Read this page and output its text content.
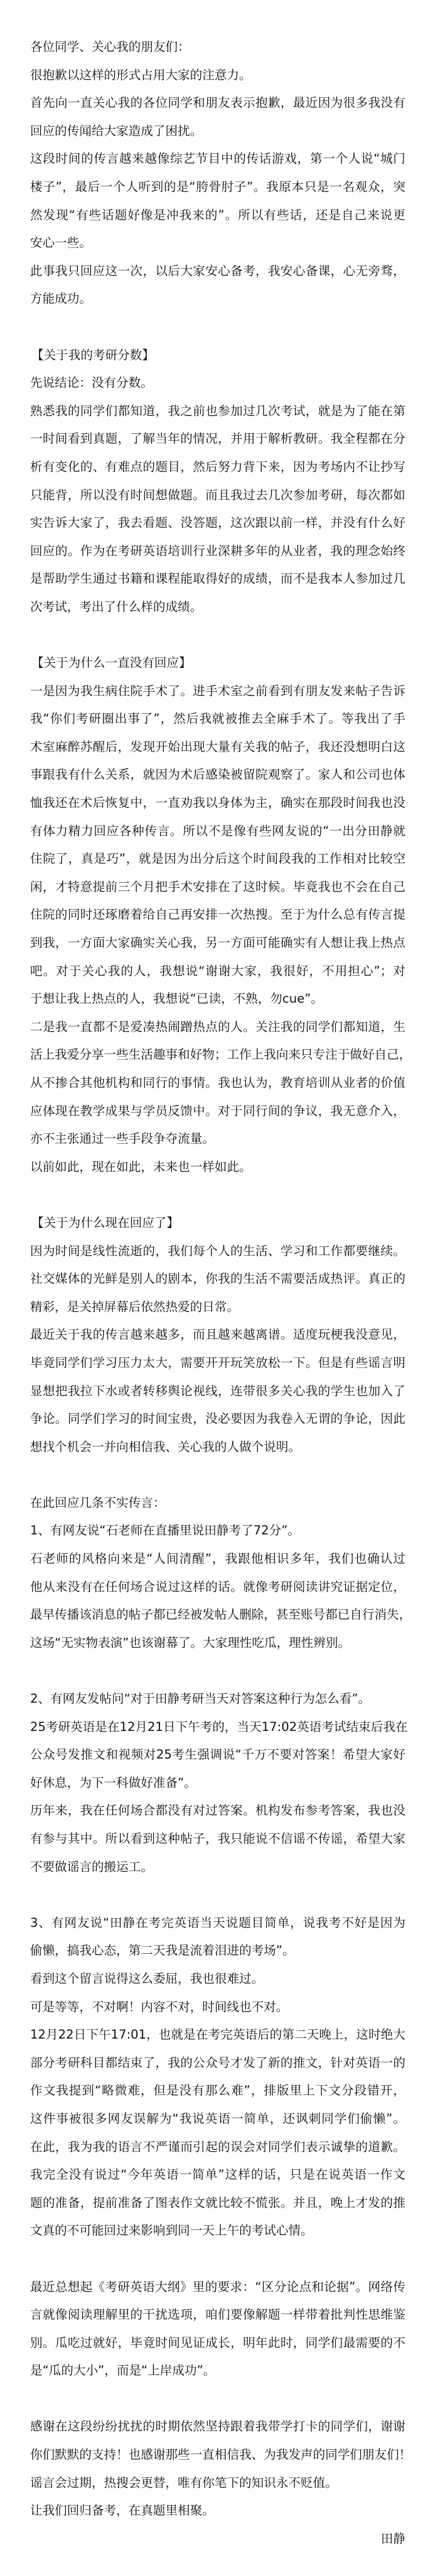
各位同学、关心我的朋友们：
很抱歉以这样的形式占用大家的注意力。
首先向一直关心我的各位同学和朋友表示抱歉，最近因为很多我没有
回应的传闻给大家造成了困扰。
这段时间的传言越来越像综艺节目中的传话游戏，第一个人说“城门
楼子”，最后一个人听到的是“胯骨肘子”。我原本只是一名观众，突
然发现“有些话题好像是冲我来的”。所以有些话，还是自己来说更
安心一些。
此事我只回应这一次，以后大家安心备考，我安心备课，心无旁骛，
方能成功。
【关于我的考研分数】
先说结论：没有分数。
熟悉我的同学们都知道，我之前也参加过几次考试，就是为了能在第
一时间看到真题，了解当年的情况，并用于解析教研。我全程都在分
析有变化的、有难点的题目，然后努力背下来，因为考场内不让抄写
只能背，所以没有时间想做题。而且我过去几次参加考研，每次都如
实告诉大家了，我去看题、没答题，这次跟以前一样，并没有什么好
回应的。作为在考研英语培训行业深耕多年的从业者，我的理念始终
是帮助学生通过书籍和课程能取得好的成绩，而不是我本人参加过几
次考试，考出了什么样的成绩。
【关于为什么一直没有回应】
一是因为我生病住院手术了。进手术室之前看到有朋友发来帖子告诉
我“你们考研圈出事了”，然后我就被推去全麻手术了。等我出了手
术室麻醉苏醒后，发现开始出现大量有关我的帖子，我还没想明白这
事跟我有什么关系，就因为术后感染被留院观察了。家人和公司也体
恤我还在术后恢复中，一直劝我以身体为主，确实在那段时间我也没
有体力精力回应各种传言。所以不是像有些网友说的“一出分田静就
住院了，真是巧”，就是因为出分后这个时间段我的工作相对比较空
闲，才特意提前三个月把手术安排在了这时候。毕竟我也不会在自己
住院的同时还琢磨着给自己再安排一次热搜。至于为什么总有传言提
到我，一方面大家确实关心我，另一方面可能确实有人想让我上热点
吧。对于关心我的人，我想说“谢谢大家，我很好，不用担心”；对
于想让我上热点的人，我想说“已读，不熟，勿cue”。
二是我一直都不是爱凑热闹蹭热点的人。关注我的同学们都知道，生
活上我爱分享一些生活趣事和好物；工作上我向来只专注于做好自己，
从不掺合其他机构和同行的事情。我也认为，教育培训从业者的价值
应体现在教学成果与学员反馈中。对于同行间的争议，我无意介入，
亦不主张通过一些手段争夺流量。
以前如此，现在如此，未来也一样如此。
【关于为什么现在回应了】
因为时间是线性流逝的，我们每个人的生活、学习和工作都要继续。
社交媒体的光鲜是别人的剧本，你我的生活不需要活成热评。真正的
精彩，是关掉屏幕后依然热爱的日常。
最近关于我的传言越来越多，而且越来越离谱。适度玩梗我没意见，
毕竟同学们学习压力太大，需要开开玩笑放松一下。但是有些谣言明
显想把我拉下水或者转移舆论视线，连带很多关心我的学生也加入了
争论。同学们学习的时间宝贵，没必要因为我卷入无谓的争论，因此
想找个机会一并向相信我、关心我的人做个说明。
在此回应几条不实传言：
1、有网友说“石老师在直播里说田静考了72分”。
石老师的风格向来是“人间清醒”，我跟他相识多年，我们也确认过
他从来没有在任何场合说过这样的话。就像考研阅读讲究证据定位，
最早传播该消息的帖子都已经被发帖人删除，甚至账号都已自行消失，
这场“无实物表演”也该谢幕了。大家理性吃瓜，理性辨别。
2、有网友发帖问“对于田静考研当天对答案这种行为怎么看”。
25考研英语是在12月21日下午考的，当天17:02英语考试结束后我在
公众号发推文和视频对25考生强调说“千万不要对答案！希望大家好
好休息，为下一科做好准备”。
历年来，我在任何场合都没有对过答案。机构发布参考答案，我也没
有参与其中。所以看到这种帖子，我只能说不信谣不传谣，希望大家
不要做谣言的搬运工。
3、有网友说“田静在考完英语当天说题目简单，说我考不好是因为
偷懒，搞我心态，第二天我是流着泪进的考场”。
看到这个留言说得这么委屈，我也很难过。
可是等等，不对啊！内容不对，时间线也不对。
12月22日下午17:01，也就是在考完英语后的第二天晚上，这时绝大
部分考研科目都结束了，我的公众号才发了新的推文，针对英语一的
作文我提到“略微难，但是没有那么难”，排版里上下文分段错开，
这件事被很多网友误解为“我说英语一简单，还讽刺同学们偷懒”。
在此，我为我的语言不严谨而引起的误会对同学们表示诚挚的道歉。
我完全没有说过“今年英语一简单”这样的话，只是在说英语一作文
题的准备，提前准备了图表作文就比较不慌张。并且，晚上才发的推
文真的不可能回过来影响到同一天上午的考试心情。
最近总想起《考研英语大纲》里的要求：“区分论点和论据”。网络传
言就像阅读理解里的干扰选项，咱们要像解题一样带着批判性思维鉴
别。瓜吃过就好，毕竟时间见证成长，明年此时，同学们最需要的不
是“瓜的大小”，而是“上岸成功”。
感谢在这段纷纷扰扰的时期依然坚持跟着我带学打卡的同学们，谢谢
你们默默的支持！也感谢那些一直相信我、为我发声的同学们朋友们！
谣言会过期，热搜会更替，唯有你笔下的知识永不贬值。
让我们回归备考，在真题里相聚。
田静
